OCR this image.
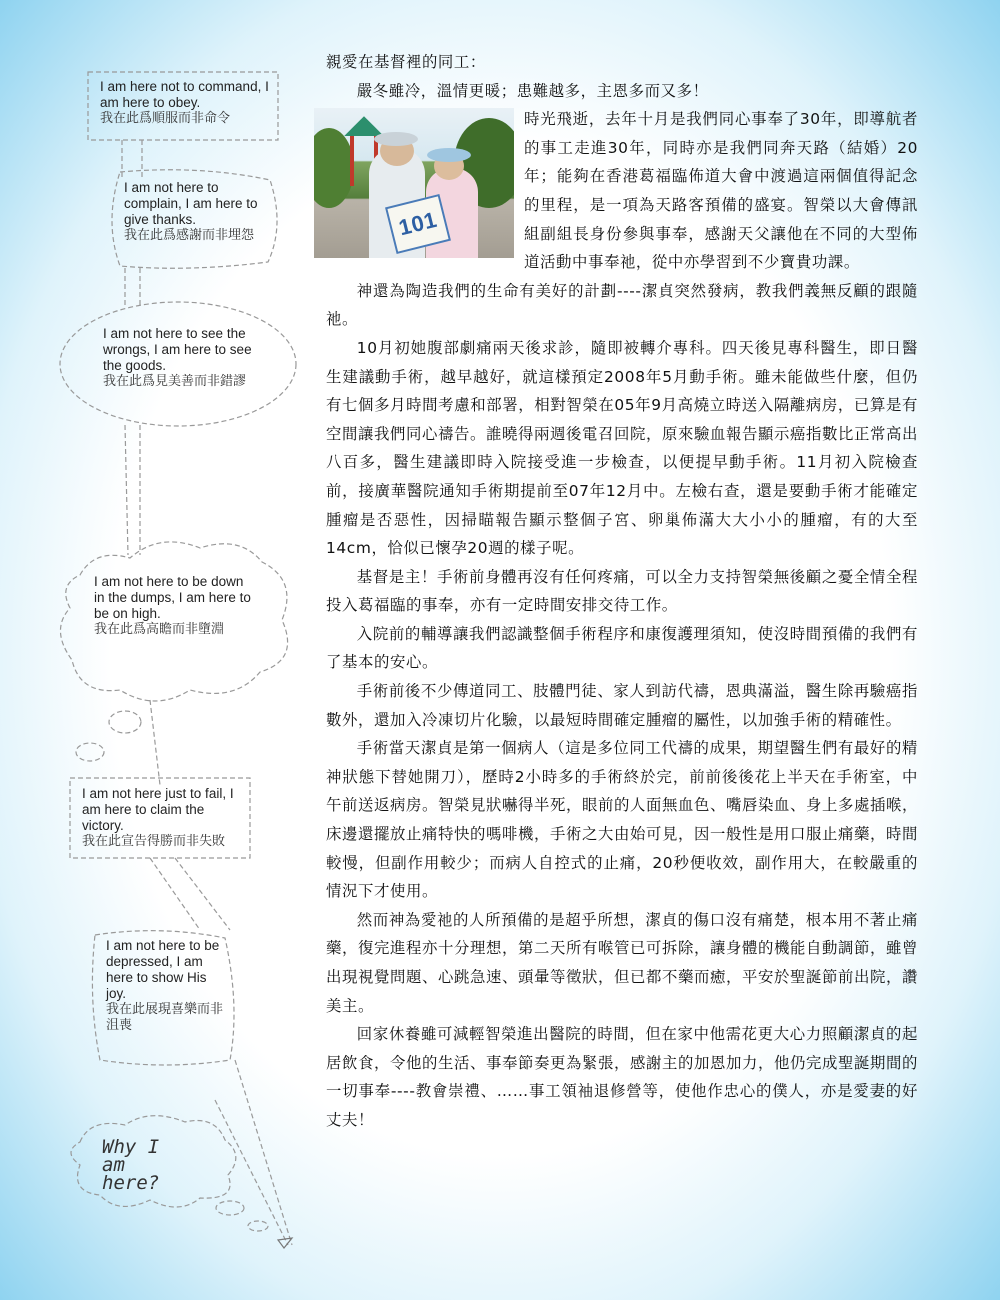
I am here not to command, I am here to obey.
我在此爲順服而非命令
I am not here to complain, I am here to give thanks.
我在此爲感謝而非埋怨
I am not here to see the wrongs, I am here to see the goods.
我在此爲見美善而非錯謬
I am not here to be down in the dumps, I am here to be on high.
我在此爲高瞻而非墮淵
I am not here just to fail, I am here to claim the victory.
我在此宣告得勝而非失敗
I am not here to be depressed, I am here to show His joy.
我在此展現喜樂而非沮喪
Why I
am
here?

親愛在基督裡的同工：

嚴冬雖冷，溫情更暖；患難越多，主恩多而又多！

101

時光飛逝，去年十月是我們同心事奉了30年，即導航者的事工走進30年，同時亦是我們同奔天路（結婚）20年；能夠在香港葛福臨佈道大會中渡過這兩個值得記念的里程，是一項為天路客預備的盛宴。智榮以大會傳訊組副組長身份參與事奉，感謝天父讓他在不同的大型佈道活動中事奉祂，從中亦學習到不少寶貴功課。

神還為陶造我們的生命有美好的計劃----潔貞突然發病，教我們義無反顧的跟隨祂。

10月初她腹部劇痛兩天後求診，隨即被轉介專科。四天後見專科醫生，即日醫生建議動手術，越早越好，就這樣預定2008年5月動手術。雖未能做些什麼，但仍有七個多月時間考慮和部署，相對智榮在05年9月高燒立時送入隔離病房，已算是有空間讓我們同心禱告。誰曉得兩週後電召回院，原來驗血報告顯示癌指數比正常高出八百多，醫生建議即時入院接受進一步檢查，以便提早動手術。11月初入院檢查前，接廣華醫院通知手術期提前至07年12月中。左檢右查，還是要動手術才能確定腫瘤是否惡性，因掃瞄報告顯示整個子宮、卵巢佈滿大大小小的腫瘤，有的大至14cm，恰似已懷孕20週的樣子呢。

基督是主！手術前身體再沒有任何疼痛，可以全力支持智榮無後顧之憂全情全程投入葛福臨的事奉，亦有一定時間安排交待工作。

入院前的輔導讓我們認識整個手術程序和康復護理須知，使沒時間預備的我們有了基本的安心。

手術前後不少傳道同工、肢體門徒、家人到訪代禱，恩典滿溢，醫生除再驗癌指數外，還加入冷凍切片化驗，以最短時間確定腫瘤的屬性，以加強手術的精確性。

手術當天潔貞是第一個病人（這是多位同工代禱的成果，期望醫生們有最好的精神狀態下替她開刀），歷時2小時多的手術終於完，前前後後花上半天在手術室，中午前送返病房。智榮見狀嚇得半死，眼前的人面無血色、嘴唇染血、身上多處插喉，床邊還擺放止痛特快的嗎啡機，手術之大由始可見，因一般性是用口服止痛藥，時間較慢，但副作用較少；而病人自控式的止痛，20秒便收效，副作用大，在較嚴重的情況下才使用。

然而神為愛祂的人所預備的是超乎所想，潔貞的傷口沒有痛楚，根本用不著止痛藥，復完進程亦十分理想，第二天所有喉管已可拆除，讓身體的機能自動調節，雖曾出現視覺問題、心跳急速、頭暈等徵狀，但已都不藥而癒，平安於聖誕節前出院，讚美主。

回家休養雖可減輕智榮進出醫院的時間，但在家中他需花更大心力照顧潔貞的起居飲食，令他的生活、事奉節奏更為緊張，感謝主的加恩加力，他仍完成聖誕期間的一切事奉----教會崇禮、……事工領袖退修營等，使他作忠心的僕人，亦是愛妻的好丈夫！
